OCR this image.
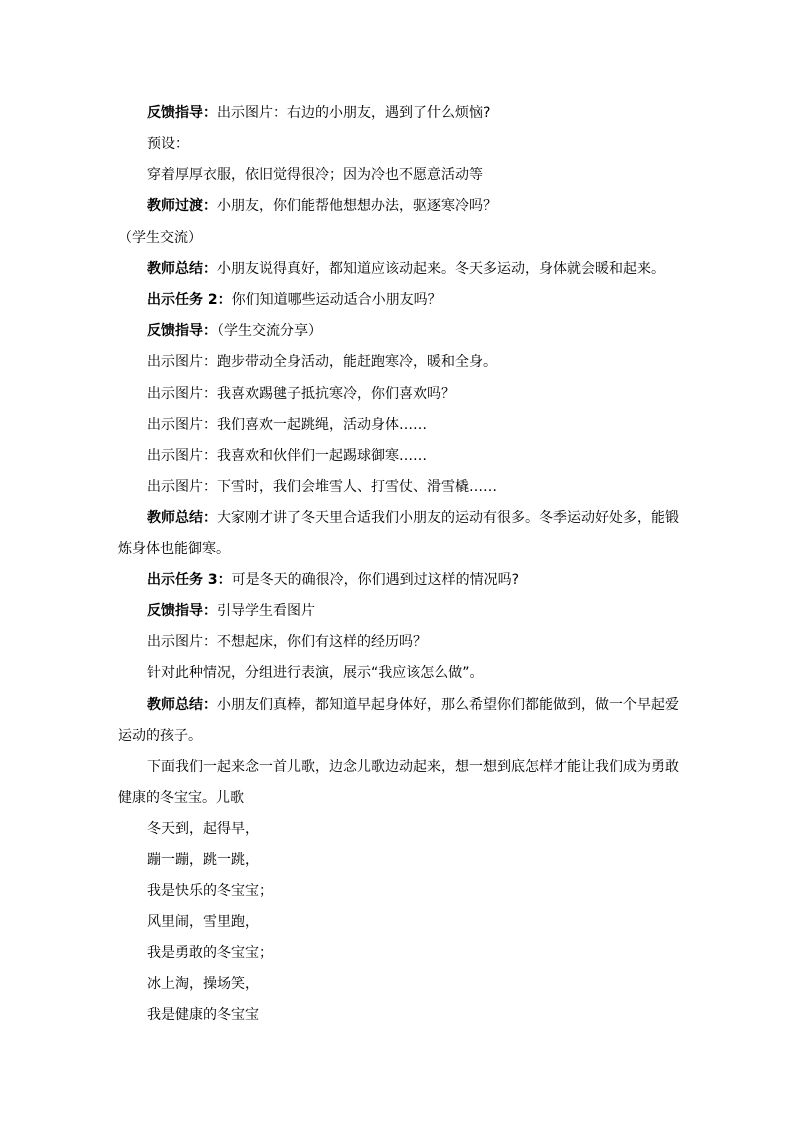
反馈指导：出示图片：右边的小朋友，遇到了什么烦恼?
预设：
穿着厚厚衣服，依旧觉得很冷；因为冷也不愿意活动等
教师过渡：小朋友，你们能帮他想想办法，驱逐寒冷吗？
（学生交流）
教师总结：小朋友说得真好，都知道应该动起来。冬天多运动，身体就会暖和起来。
出示任务 2：你们知道哪些运动适合小朋友吗？
反馈指导：（学生交流分享）
出示图片：跑步带动全身活动，能赶跑寒冷，暖和全身。
出示图片：我喜欢踢毽子抵抗寒冷，你们喜欢吗？
出示图片：我们喜欢一起跳绳，活动身体……
出示图片：我喜欢和伙伴们一起踢球御寒……
出示图片：下雪时，我们会堆雪人、打雪仗、滑雪橇……
教师总结：大家刚才讲了冬天里合适我们小朋友的运动有很多。冬季运动好处多，能锻
炼身体也能御寒。
出示任务 3：可是冬天的确很冷，你们遇到过这样的情况吗?
反馈指导：引导学生看图片
出示图片：不想起床，你们有这样的经历吗？
针对此种情况，分组进行表演，展示“我应该怎么做”。
教师总结：小朋友们真棒，都知道早起身体好，那么希望你们都能做到，做一个早起爱
运动的孩子。
下面我们一起来念一首儿歌，边念儿歌边动起来，想一想到底怎样才能让我们成为勇敢
健康的冬宝宝。儿歌
冬天到，起得早，
蹦一蹦，跳一跳，
我是快乐的冬宝宝；
风里闹，雪里跑，
我是勇敢的冬宝宝；
冰上淘，操场笑，
我是健康的冬宝宝
